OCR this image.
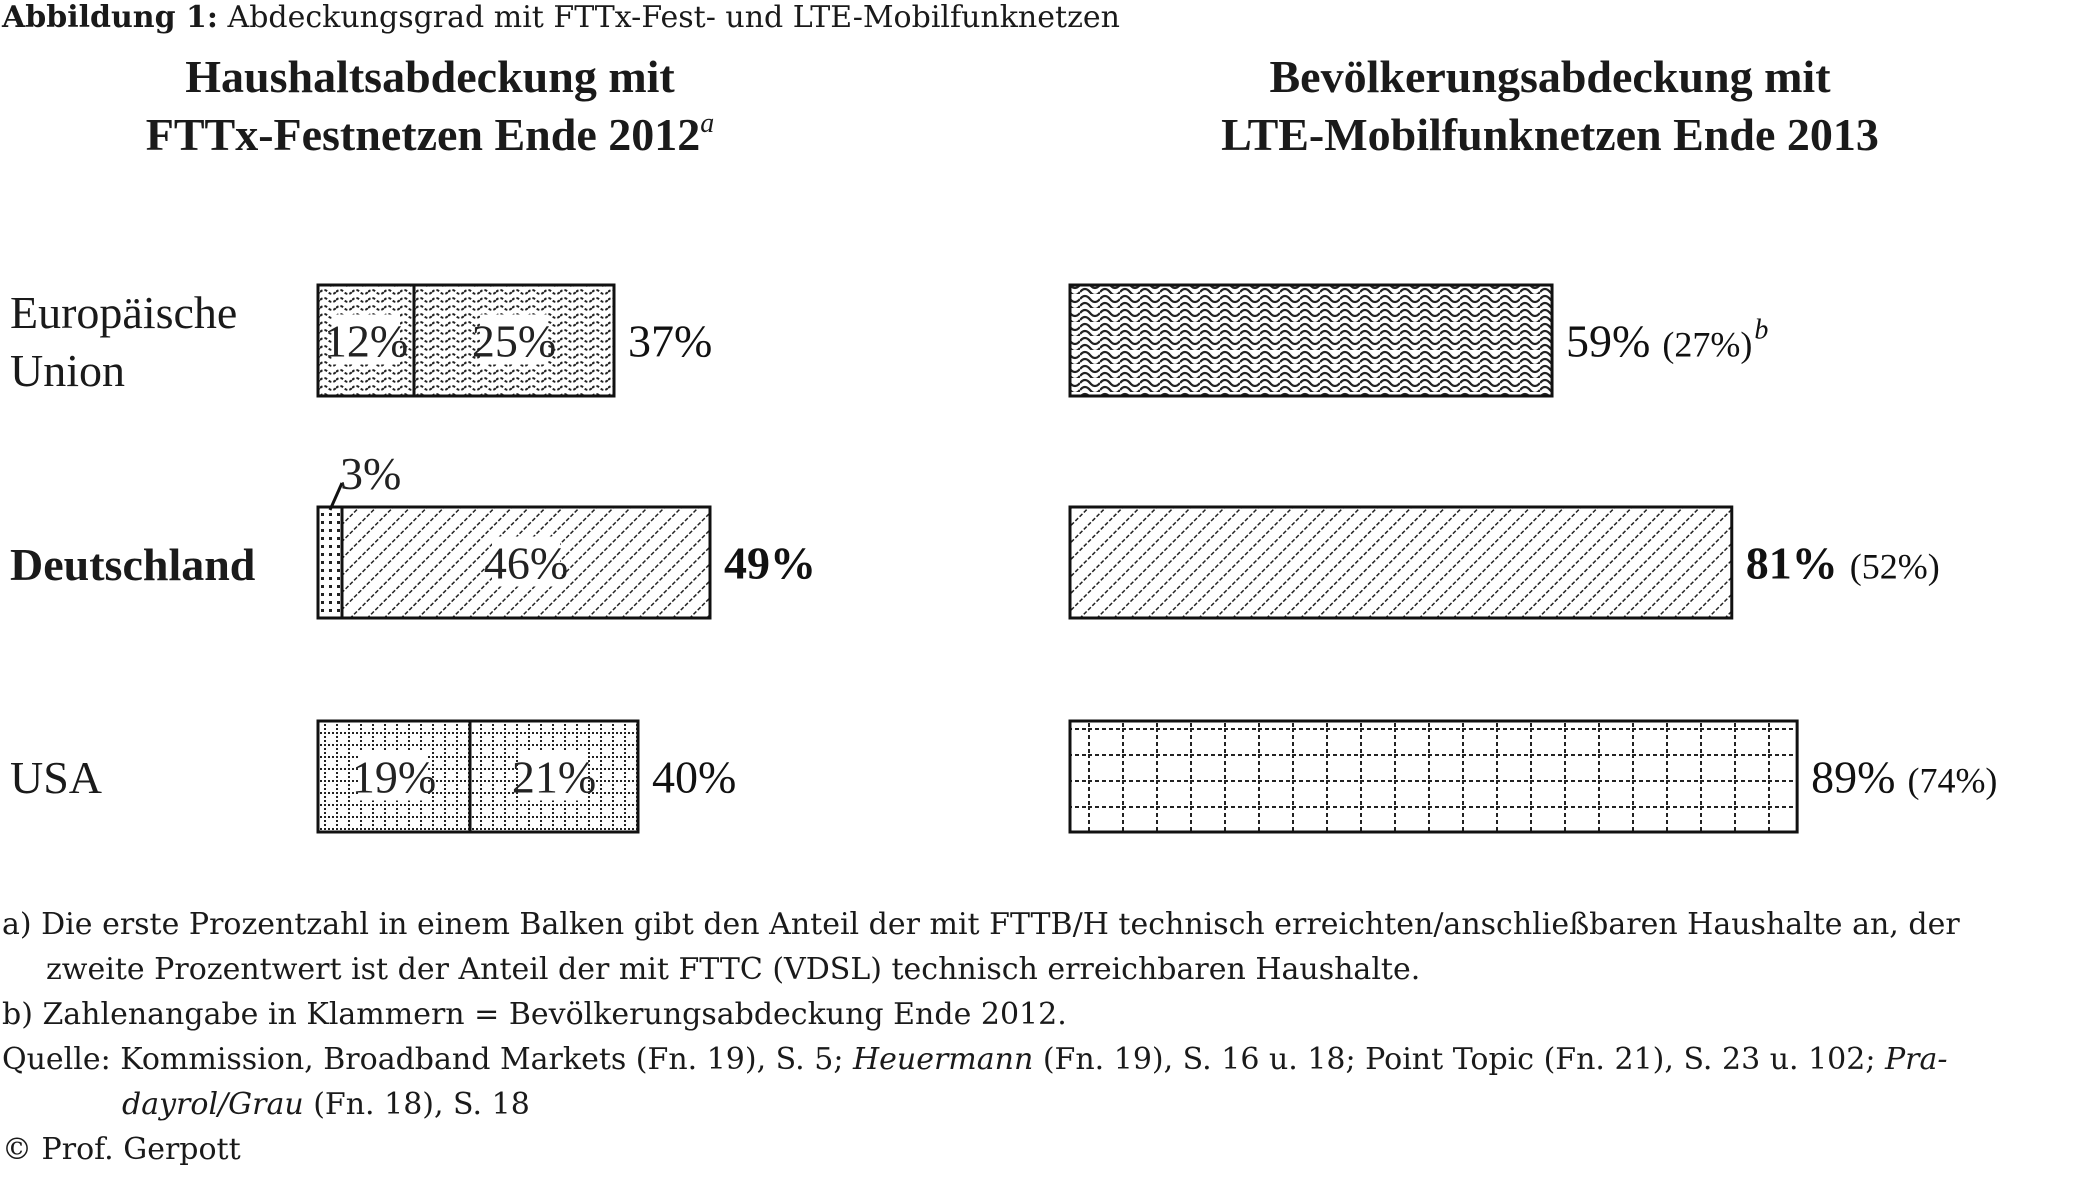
Abbildung 1: Abdeckungsgrad mit FTTx-Fest- und LTE-Mobilfunknetzen
Haushaltsabdeckung mit
FTTx-Festnetzen Ende 2012$^a$
Bevölkerungsabdeckung mit
LTE-Mobilfunknetzen Ende 2013
Europäische
Union
Deutschland
USA
12% 25% 37%
3%
46%	49%
19% 21% 40%
59% $(27\%)^b$
81% (52%)
89% (74%)
a) Die erste Prozentzahl in einem Balken gibt den Anteil der mit FTTB/H technisch erreichten/anschließbaren Haushalte an, der
zweite Prozentwert ist der Anteil der mit FTTC (VDSL) technisch erreichbaren Haushalte.
b) Zahlenangabe in Klammern = Bevölkerungsabdeckung Ende 2012.
Quelle: Kommission, Broadband Markets (Fn. 19), S. 5; Heuermann (Fn. 19), S. 16 u. 18; Point Topic (Fn. 21), S. 23 u. 102; Pra-
dayrol/Grau (Fn. 18), S. 18
© Prof. Gerpott
